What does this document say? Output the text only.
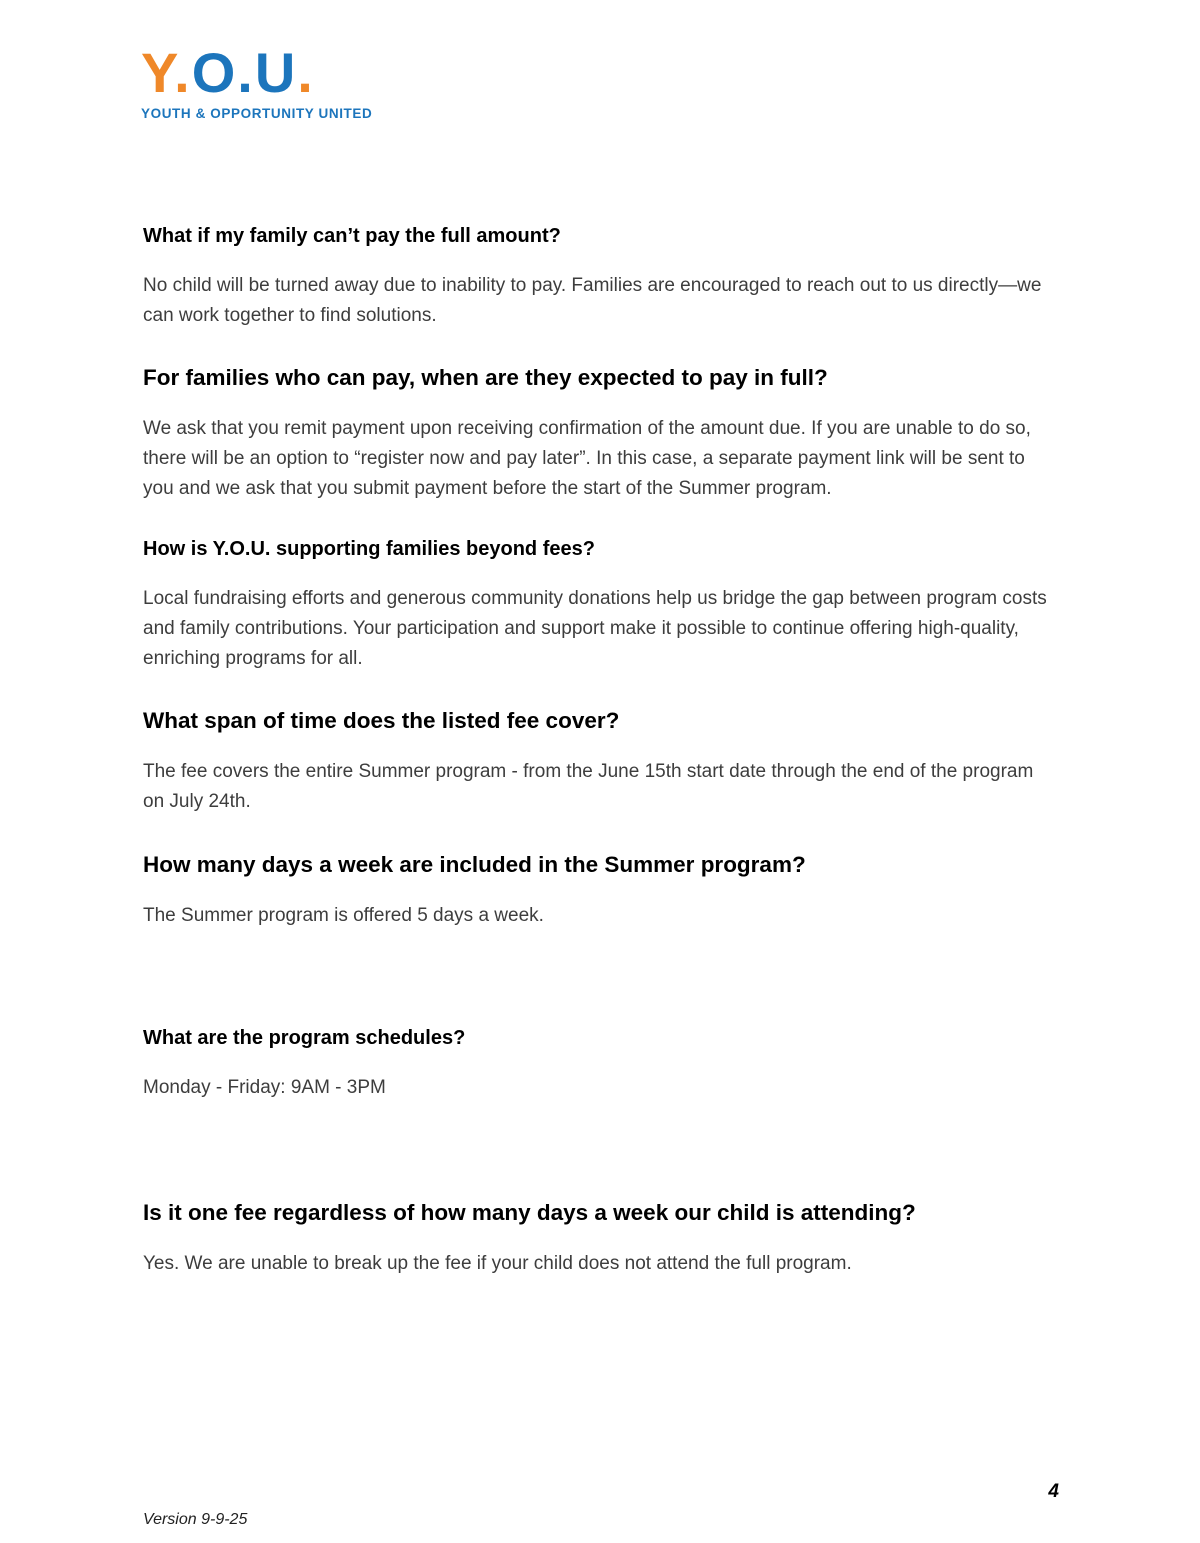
Y.O.U.
YOUTH & OPPORTUNITY UNITED
What if my family can’t pay the full amount?

No child will be turned away due to inability to pay. Families are encouraged to reach out to us directly—we can work together to find solutions.

For families who can pay, when are they expected to pay in full?

We ask that you remit payment upon receiving confirmation of the amount due. If you are unable to do so, there will be an option to “register now and pay later”. In this case, a separate payment link will be sent to you and we ask that you submit payment before the start of the Summer program.

How is Y.O.U. supporting families beyond fees?

Local fundraising efforts and generous community donations help us bridge the gap between program costs and family contributions. Your participation and support make it possible to continue offering high-quality, enriching programs for all.

What span of time does the listed fee cover?

The fee covers the entire Summer program - from the June 15th start date through the end of the program on July 24th.

How many days a week are included in the Summer program?

The Summer program is offered 5 days a week.

What are the program schedules?

Monday - Friday: 9AM - 3PM

Is it one fee regardless of how many days a week our child is attending?

Yes. We are unable to break up the fee if your child does not attend the full program.

Version 9-9-25
4
